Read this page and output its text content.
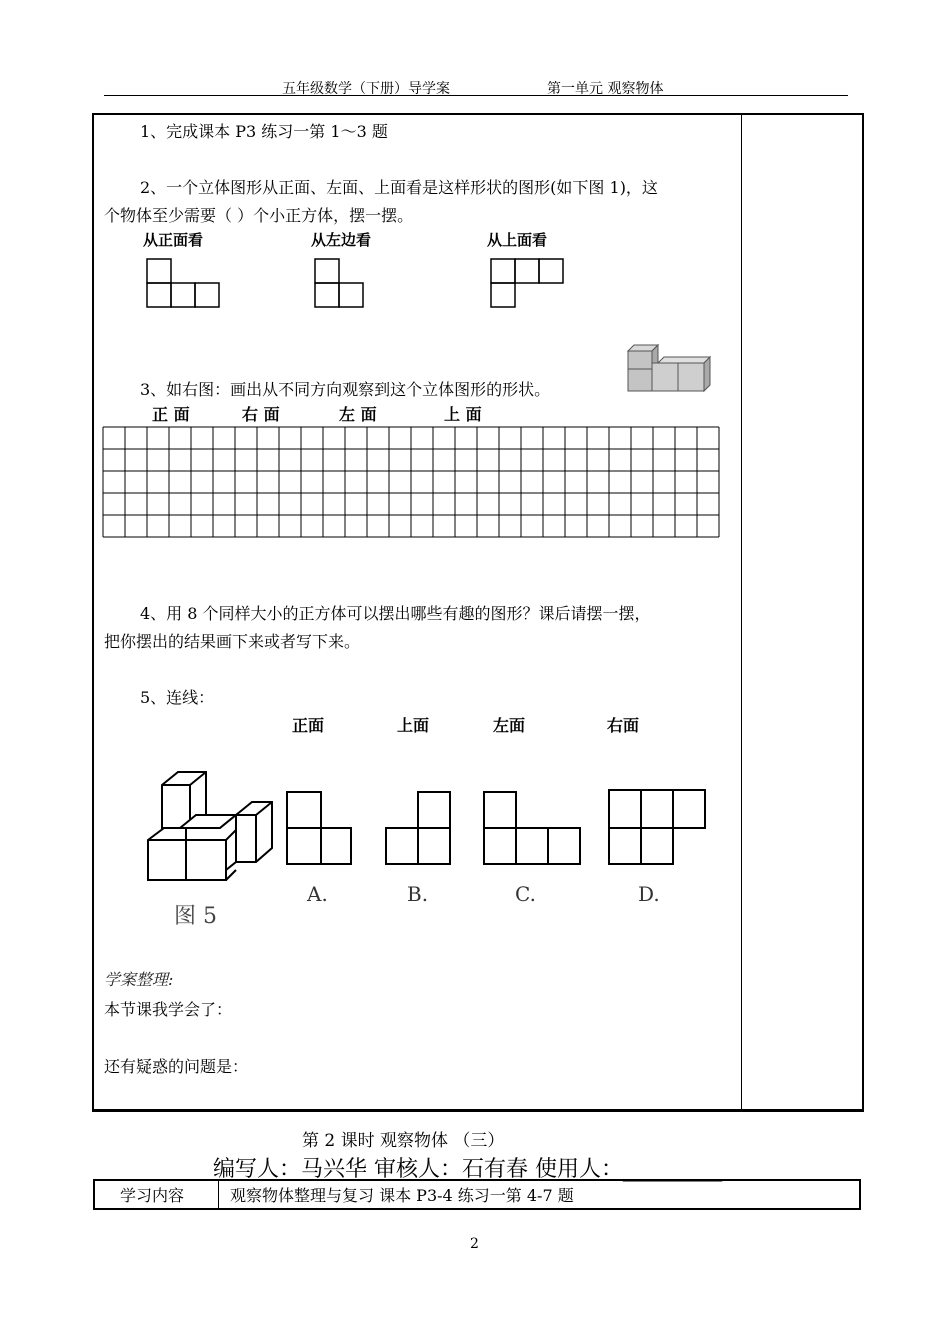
五年级数学（下册）导学案	第一单元 观察物体
1、完成课本 P3 练习一第 1～3 题
2、一个立体图形从正面、左面、上面看是这样形状的图形(如下图 1)，这
个物体至少需要（ ）个小正方体，摆一摆。
从正面看	从左边看	从上面看
3、如右图：画出从不同方向观察到这个立体图形的形状。
正 面	右 面	左 面	上 面
4、用 8 个同样大小的正方体可以摆出哪些有趣的图形？课后请摆一摆，
把你摆出的结果画下来或者写下来。
5、连线：
正面	上面	左面	右面
图 5
A.	B.	C.	D.
学案整理:
本节课我学会了：
还有疑惑的问题是：
第 2 课时 观察物体 （三）
编写人：马兴华 审核人：石有春 使用人：_________
学习内容	观察物体整理与复习 课本 P3-4 练习一第 4-7 题
2
